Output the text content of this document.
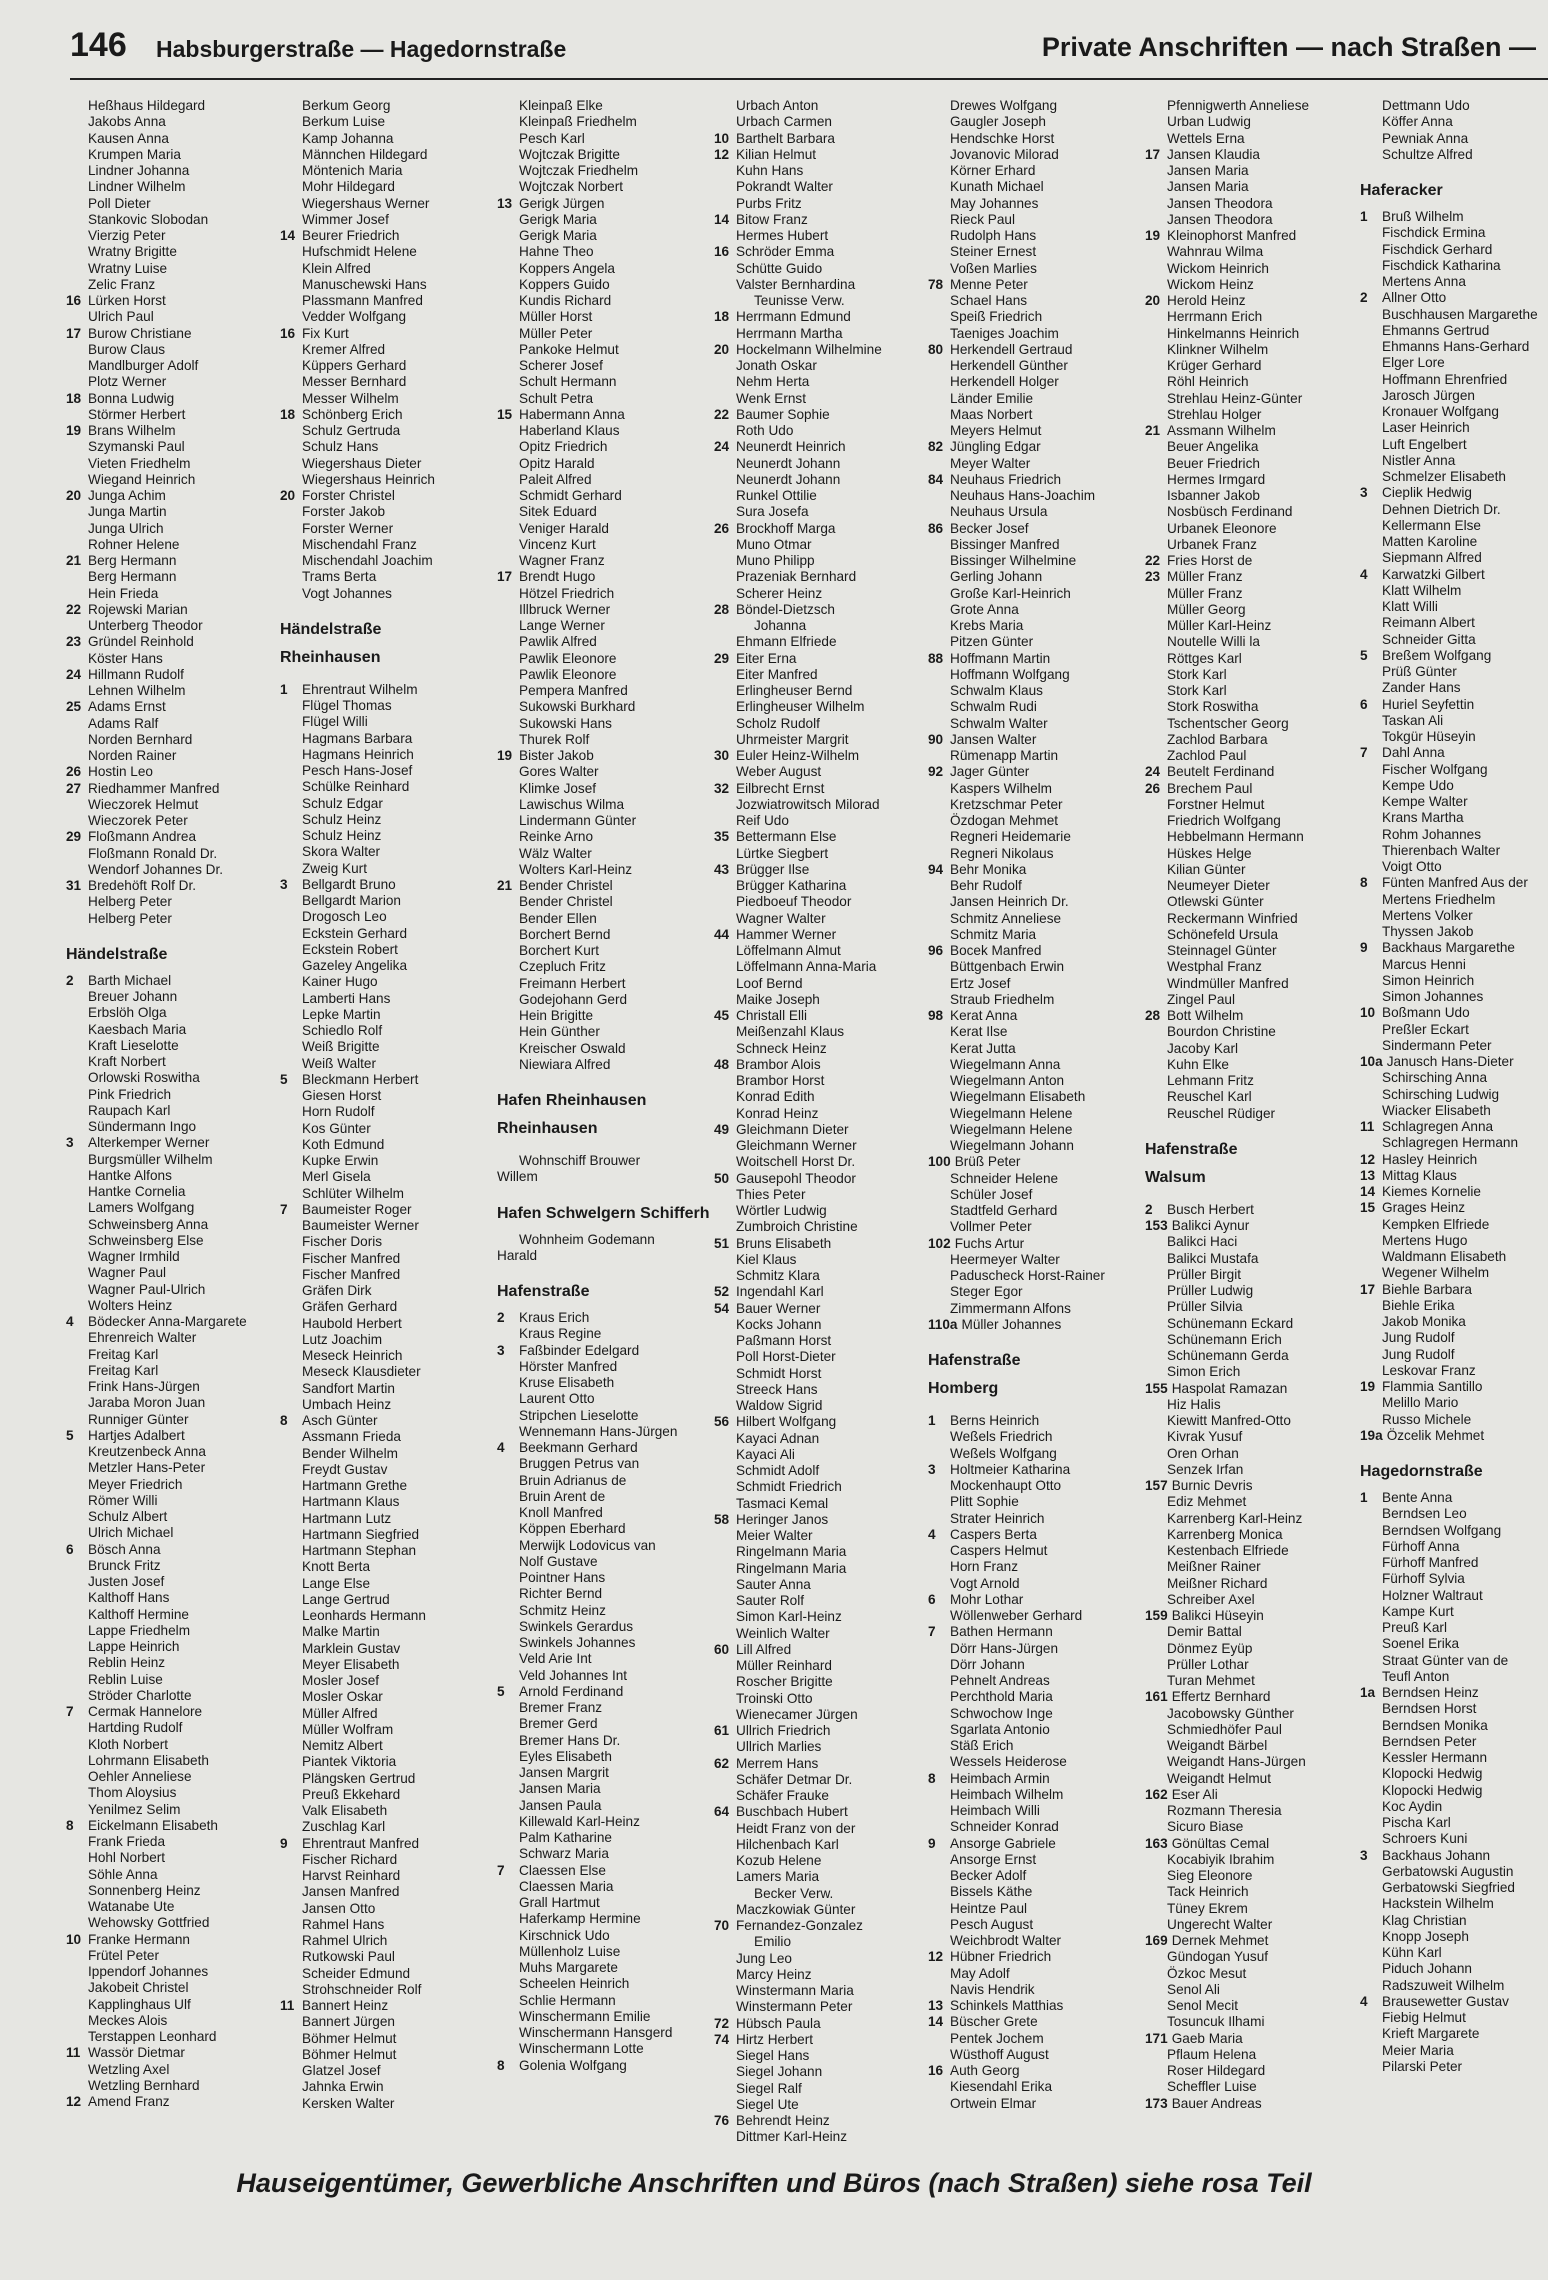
146 Habsburgerstraße — Hagedornstraße	Private Anschriften — nach Straßen —
Heßhaus Hildegard
Jakobs Anna
Kausen Anna
Krumpen Maria
Lindner Johanna
Lindner Wilhelm
Poll Dieter
Stankovic Slobodan
Vierzig Peter
Wratny Brigitte
Wratny Luise
Zelic Franz
16 Lürken Horst
Ulrich Paul
17 Burow Christiane
Burow Claus
Mandlburger Adolf
Plotz Werner
18 Bonna Ludwig
Störmer Herbert
19 Brans Wilhelm
Szymanski Paul
Vieten Friedhelm
Wiegand Heinrich
20 Junga Achim
Junga Martin
Junga Ulrich
Rohner Helene
21 Berg Hermann
Berg Hermann
Hein Frieda
22 Rojewski Marian
Unterberg Theodor
23 Gründel Reinhold
Köster Hans
24 Hillmann Rudolf
Lehnen Wilhelm
25 Adams Ernst
Adams Ralf
Norden Bernhard
Norden Rainer
26 Hostin Leo
27 Riedhammer Manfred
Wieczorek Helmut
Wieczorek Peter
29 Floßmann Andrea
Floßmann Ronald Dr.
Wendorf Johannes Dr.
31 Bredehöft Rolf Dr.
Helberg Peter
Helberg Peter
Händelstraße
2 Barth Michael
Breuer Johann
Erbslöh Olga
Kaesbach Maria
Kraft Lieselotte
Kraft Norbert
Orlowski Roswitha
Pink Friedrich
Raupach Karl
Sündermann Ingo
3 Alterkemper Werner
Burgsmüller Wilhelm
Hantke Alfons
Hantke Cornelia
Lamers Wolfgang
Schweinsberg Anna
Schweinsberg Else
Wagner Irmhild
Wagner Paul
Wagner Paul-Ulrich
Wolters Heinz
4 Bödecker Anna-Margarete
Ehrenreich Walter
Freitag Karl
Freitag Karl
Frink Hans-Jürgen
Jaraba Moron Juan
Runniger Günter
5 Hartjes Adalbert
Kreutzenbeck Anna
Metzler Hans-Peter
Meyer Friedrich
Römer Willi
Schulz Albert
Ulrich Michael
6 Bösch Anna
Brunck Fritz
Justen Josef
Kalthoff Hans
Kalthoff Hermine
Lappe Friedhelm
Lappe Heinrich
Reblin Heinz
Reblin Luise
Ströder Charlotte
7 Cermak Hannelore
Hartding Rudolf
Kloth Norbert
Lohrmann Elisabeth
Oehler Anneliese
Thom Aloysius
Yenilmez Selim
8 Eickelmann Elisabeth
Frank Frieda
Hohl Norbert
Söhle Anna
Sonnenberg Heinz
Watanabe Ute
Wehowsky Gottfried
10 Franke Hermann
Frütel Peter
Ippendorf Johannes
Jakobeit Christel
Kapplinghaus Ulf
Meckes Alois
Terstappen Leonhard
11 Wassör Dietmar
Wetzling Axel
Wetzling Bernhard
12 Amend Franz
Berkum Georg
Berkum Luise
Kamp Johanna
Männchen Hildegard
Möntenich Maria
Mohr Hildegard
Wiegershaus Werner
Wimmer Josef
14 Beurer Friedrich
Hufschmidt Helene
Klein Alfred
Manuschewski Hans
Plassmann Manfred
Vedder Wolfgang
16 Fix Kurt
Kremer Alfred
Küppers Gerhard
Messer Bernhard
Messer Wilhelm
18 Schönberg Erich
Schulz Gertruda
Schulz Hans
Wiegershaus Dieter
Wiegershaus Heinrich
20 Forster Christel
Forster Jakob
Forster Werner
Mischendahl Franz
Mischendahl Joachim
Trams Berta
Vogt Johannes
Händelstraße
Rheinhausen
1 Ehrentraut Wilhelm
Flügel Thomas
Flügel Willi
Hagmans Barbara
Hagmans Heinrich
Pesch Hans-Josef
Schülke Reinhard
Schulz Edgar
Schulz Heinz
Schulz Heinz
Skora Walter
Zweig Kurt
3 Bellgardt Bruno
Bellgardt Marion
Drogosch Leo
Eckstein Gerhard
Eckstein Robert
Gazeley Angelika
Kainer Hugo
Lamberti Hans
Lepke Martin
Schiedlo Rolf
Weiß Brigitte
Weiß Walter
5 Bleckmann Herbert
Giesen Horst
Horn Rudolf
Kos Günter
Koth Edmund
Kupke Erwin
Merl Gisela
Schlüter Wilhelm
7 Baumeister Roger
Baumeister Werner
Fischer Doris
Fischer Manfred
Fischer Manfred
Gräfen Dirk
Gräfen Gerhard
Haubold Herbert
Lutz Joachim
Meseck Heinrich
Meseck Klausdieter
Sandfort Martin
Umbach Heinz
8 Asch Günter
Assmann Frieda
Bender Wilhelm
Freydt Gustav
Hartmann Grethe
Hartmann Klaus
Hartmann Lutz
Hartmann Siegfried
Hartmann Stephan
Knott Berta
Lange Else
Lange Gertrud
Leonhards Hermann
Malke Martin
Marklein Gustav
Meyer Elisabeth
Mosler Josef
Mosler Oskar
Müller Alfred
Müller Wolfram
Nemitz Albert
Piantek Viktoria
Plängsken Gertrud
Preuß Ekkehard
Valk Elisabeth
Zuschlag Karl
9 Ehrentraut Manfred
Fischer Richard
Harvst Reinhard
Jansen Manfred
Jansen Otto
Rahmel Hans
Rahmel Ulrich
Rutkowski Paul
Scheider Edmund
Strohschneider Rolf
11 Bannert Heinz
Bannert Jürgen
Böhmer Helmut
Böhmer Helmut
Glatzel Josef
Jahnka Erwin
Kersken Walter
Kleinpaß Elke
Kleinpaß Friedhelm
Pesch Karl
Wojtczak Brigitte
Wojtczak Friedhelm
Wojtczak Norbert
13 Gerigk Jürgen
Gerigk Maria
Gerigk Maria
Hahne Theo
Koppers Angela
Koppers Guido
Kundis Richard
Müller Horst
Müller Peter
Pankoke Helmut
Scherer Josef
Schult Hermann
Schult Petra
15 Habermann Anna
Haberland Klaus
Opitz Friedrich
Opitz Harald
Paleit Alfred
Schmidt Gerhard
Sitek Eduard
Veniger Harald
Vincenz Kurt
Wagner Franz
17 Brendt Hugo
Hötzel Friedrich
Illbruck Werner
Lange Werner
Pawlik Alfred
Pawlik Eleonore
Pawlik Eleonore
Pempera Manfred
Sukowski Burkhard
Sukowski Hans
Thurek Rolf
19 Bister Jakob
Gores Walter
Klimke Josef
Lawischus Wilma
Lindermann Günter
Reinke Arno
Wälz Walter
Wolters Karl-Heinz
21 Bender Christel
Bender Christel
Bender Ellen
Borchert Bernd
Borchert Kurt
Czepluch Fritz
Freimann Herbert
Godejohann Gerd
Hein Brigitte
Hein Günther
Kreischer Oswald
Niewiara Alfred
Hafen Rheinhausen
Rheinhausen
Wohnschiff Brouwer Willem
Hafen Schwelgern Schifferh
Wohnheim Godemann Harald
Hafenstraße
2 Kraus Erich
Kraus Regine
3 Faßbinder Edelgard
Hörster Manfred
Kruse Elisabeth
Laurent Otto
Stripchen Lieselotte
Wennemann Hans-Jürgen
4 Beekmann Gerhard
Bruggen Petrus van
Bruin Adrianus de
Bruin Arent de
Knoll Manfred
Köppen Eberhard
Merwijk Lodovicus van
Nolf Gustave
Pointner Hans
Richter Bernd
Schmitz Heinz
Swinkels Gerardus
Swinkels Johannes
Veld Arie Int
Veld Johannes Int
5 Arnold Ferdinand
Bremer Franz
Bremer Gerd
Bremer Hans Dr.
Eyles Elisabeth
Jansen Margrit
Jansen Maria
Jansen Paula
Killewald Karl-Heinz
Palm Katharine
Schwarz Maria
7 Claessen Else
Claessen Maria
Grall Hartmut
Haferkamp Hermine
Kirschnick Udo
Müllenholz Luise
Muhs Margarete
Scheelen Heinrich
Schlie Hermann
Winschermann Emilie
Winschermann Hansgerd
Winschermann Lotte
8 Golenia Wolfgang
Urbach Anton
Urbach Carmen
10 Barthelt Barbara
12 Kilian Helmut
Kuhn Hans
Pokrandt Walter
Purbs Fritz
14 Bitow Franz
Hermes Hubert
16 Schröder Emma
Schütte Guido
Valster Bernhardina
Teunisse Verw.
18 Herrmann Edmund
Herrmann Martha
20 Hockelmann Wilhelmine
Jonath Oskar
Nehm Herta
Wenk Ernst
22 Baumer Sophie
Roth Udo
24 Neunerdt Heinrich
Neunerdt Johann
Neunerdt Johann
Runkel Ottilie
Sura Josefa
26 Brockhoff Marga
Muno Otmar
Muno Philipp
Prazeniak Bernhard
Scherer Heinz
28 Böndel-Dietzsch
Johanna
Ehmann Elfriede
29 Eiter Erna
Eiter Manfred
Erlingheuser Bernd
Erlingheuser Wilhelm
Scholz Rudolf
Uhrmeister Margrit
30 Euler Heinz-Wilhelm
Weber August
32 Eilbrecht Ernst
Jozwiatrowitsch Milorad
Reif Udo
35 Bettermann Else
Lürtke Siegbert
43 Brügger Ilse
Brügger Katharina
Piedboeuf Theodor
Wagner Walter
44 Hammer Werner
Löffelmann Almut
Löffelmann Anna-Maria
Loof Bernd
Maike Joseph
45 Christall Elli
Meißenzahl Klaus
Schneck Heinz
48 Brambor Alois
Brambor Horst
Konrad Edith
Konrad Heinz
49 Gleichmann Dieter
Gleichmann Werner
Woitschell Horst Dr.
50 Gausepohl Theodor
Thies Peter
Wörtler Ludwig
Zumbroich Christine
51 Bruns Elisabeth
Kiel Klaus
Schmitz Klara
52 Ingendahl Karl
54 Bauer Werner
Kocks Johann
Paßmann Horst
Poll Horst-Dieter
Schmidt Horst
Streeck Hans
Waldow Sigrid
56 Hilbert Wolfgang
Kayaci Adnan
Kayaci Ali
Schmidt Adolf
Schmidt Friedrich
Tasmaci Kemal
58 Heringer Janos
Meier Walter
Ringelmann Maria
Ringelmann Maria
Sauter Anna
Sauter Rolf
Simon Karl-Heinz
Weinlich Walter
60 Lill Alfred
Müller Reinhard
Roscher Brigitte
Troinski Otto
Wienecamer Jürgen
61 Ullrich Friedrich
Ullrich Marlies
62 Merrem Hans
Schäfer Detmar Dr.
Schäfer Frauke
64 Buschbach Hubert
Heidt Franz von der
Hilchenbach Karl
Kozub Helene
Lamers Maria
Becker Verw.
Maczkowiak Günter
70 Fernandez-Gonzalez
Emilio
Jung Leo
Marcy Heinz
Winstermann Maria
Winstermann Peter
72 Hübsch Paula
74 Hirtz Herbert
Siegel Hans
Siegel Johann
Siegel Ralf
Siegel Ute
76 Behrendt Heinz
Dittmer Karl-Heinz
Drewes Wolfgang
Gaugler Joseph
Hendschke Horst
Jovanovic Milorad
Körner Erhard
Kunath Michael
May Johannes
Rieck Paul
Rudolph Hans
Steiner Ernest
Voßen Marlies
78 Menne Peter
Schael Hans
Speiß Friedrich
Taeniges Joachim
80 Herkendell Gertraud
Herkendell Günther
Herkendell Holger
Länder Emilie
Maas Norbert
Meyers Helmut
82 Jüngling Edgar
Meyer Walter
84 Neuhaus Friedrich
Neuhaus Hans-Joachim
Neuhaus Ursula
86 Becker Josef
Bissinger Manfred
Bissinger Wilhelmine
Gerling Johann
Große Karl-Heinrich
Grote Anna
Krebs Maria
Pitzen Günter
88 Hoffmann Martin
Hoffmann Wolfgang
Schwalm Klaus
Schwalm Rudi
Schwalm Walter
90 Jansen Walter
Rümenapp Martin
92 Jager Günter
Kaspers Wilhelm
Kretzschmar Peter
Özdogan Mehmet
Regneri Heidemarie
Regneri Nikolaus
94 Behr Monika
Behr Rudolf
Jansen Heinrich Dr.
Schmitz Anneliese
Schmitz Maria
96 Bocek Manfred
Büttgenbach Erwin
Ertz Josef
Straub Friedhelm
98 Kerat Anna
Kerat Ilse
Kerat Jutta
Wiegelmann Anna
Wiegelmann Anton
Wiegelmann Elisabeth
Wiegelmann Helene
Wiegelmann Helene
Wiegelmann Johann
100 Brüß Peter
Schneider Helene
Schüler Josef
Stadtfeld Gerhard
Vollmer Peter
102 Fuchs Artur
Heermeyer Walter
Paduscheck Horst-Rainer
Steger Egor
Zimmermann Alfons
110a Müller Johannes
Hafenstraße
Homberg
1 Berns Heinrich
Weßels Friedrich
Weßels Wolfgang
3 Holtmeier Katharina
Mockenhaupt Otto
Plitt Sophie
Strater Heinrich
4 Caspers Berta
Caspers Helmut
Horn Franz
Vogt Arnold
6 Mohr Lothar
Wöllenweber Gerhard
7 Bathen Hermann
Dörr Hans-Jürgen
Dörr Johann
Pehnelt Andreas
Perchthold Maria
Schwochow Inge
Sgarlata Antonio
Stäß Erich
Wessels Heiderose
8 Heimbach Armin
Heimbach Wilhelm
Heimbach Willi
Schneider Konrad
9 Ansorge Gabriele
Ansorge Ernst
Becker Adolf
Bissels Käthe
Heintze Paul
Pesch August
Weichbrodt Walter
12 Hübner Friedrich
May Adolf
Navis Hendrik
13 Schinkels Matthias
14 Büscher Grete
Pentek Jochem
Wüsthoff August
16 Auth Georg
Kiesendahl Erika
Ortwein Elmar
Pfennigwerth Anneliese
Urban Ludwig
Wettels Erna
17 Jansen Klaudia
Jansen Maria
Jansen Maria
Jansen Theodora
Jansen Theodora
19 Kleinophorst Manfred
Wahnrau Wilma
Wickom Heinrich
Wickom Heinz
20 Herold Heinz
Herrmann Erich
Hinkelmanns Heinrich
Klinkner Wilhelm
Krüger Gerhard
Röhl Heinrich
Strehlau Heinz-Günter
Strehlau Holger
21 Assmann Wilhelm
Beuer Angelika
Beuer Friedrich
Hermes Irmgard
Isbanner Jakob
Nosbüsch Ferdinand
Urbanek Eleonore
Urbanek Franz
22 Fries Horst de
23 Müller Franz
Müller Franz
Müller Georg
Müller Karl-Heinz
Noutelle Willi la
Röttges Karl
Stork Karl
Stork Karl
Stork Roswitha
Tschentscher Georg
Zachlod Barbara
Zachlod Paul
24 Beutelt Ferdinand
26 Brechem Paul
Forstner Helmut
Friedrich Wolfgang
Hebbelmann Hermann
Hüskes Helge
Kilian Günter
Neumeyer Dieter
Otlewski Günter
Reckermann Winfried
Schönefeld Ursula
Steinnagel Günter
Westphal Franz
Windmüller Manfred
Zingel Paul
28 Bott Wilhelm
Bourdon Christine
Jacoby Karl
Kuhn Elke
Lehmann Fritz
Reuschel Karl
Reuschel Rüdiger
Hafenstraße
Walsum
2 Busch Herbert
153 Balikci Aynur
Balikci Haci
Balikci Mustafa
Prüller Birgit
Prüller Ludwig
Prüller Silvia
Schünemann Eckard
Schünemann Erich
Schünemann Gerda
Simon Erich
155 Haspolat Ramazan
Hiz Halis
Kiewitt Manfred-Otto
Kivrak Yusuf
Oren Orhan
Senzek Irfan
157 Burnic Devris
Ediz Mehmet
Karrenberg Karl-Heinz
Karrenberg Monica
Kestenbach Elfriede
Meißner Rainer
Meißner Richard
Schreiber Axel
159 Balikci Hüseyin
Demir Battal
Dönmez Eyüp
Prüller Lothar
Turan Mehmet
161 Effertz Bernhard
Jacobowsky Günther
Schmiedhöfer Paul
Weigandt Bärbel
Weigandt Hans-Jürgen
Weigandt Helmut
162 Eser Ali
Rozmann Theresia
Sicuro Biase
163 Gönültas Cemal
Kocabiyik Ibrahim
Sieg Eleonore
Tack Heinrich
Tüney Ekrem
Ungerecht Walter
169 Dernek Mehmet
Gündogan Yusuf
Özkoc Mesut
Senol Ali
Senol Mecit
Tosuncuk Ilhami
171 Gaeb Maria
Pflaum Helena
Roser Hildegard
Scheffler Luise
173 Bauer Andreas
Dettmann Udo
Köffer Anna
Pewniak Anna
Schultze Alfred
Haferacker
1 Bruß Wilhelm
Fischdick Ermina
Fischdick Gerhard
Fischdick Katharina
Mertens Anna
2 Allner Otto
Buschhausen Margarethe
Ehmanns Gertrud
Ehmanns Hans-Gerhard
Elger Lore
Hoffmann Ehrenfried
Jarosch Jürgen
Kronauer Wolfgang
Laser Heinrich
Luft Engelbert
Nistler Anna
Schmelzer Elisabeth
3 Cieplik Hedwig
Dehnen Dietrich Dr.
Kellermann Else
Matten Karoline
Siepmann Alfred
4 Karwatzki Gilbert
Klatt Wilhelm
Klatt Willi
Reimann Albert
Schneider Gitta
5 Breßem Wolfgang
Prüß Günter
Zander Hans
6 Huriel Seyfettin
Taskan Ali
Tokgür Hüseyin
7 Dahl Anna
Fischer Wolfgang
Kempe Udo
Kempe Walter
Krans Martha
Rohm Johannes
Thierenbach Walter
Voigt Otto
8 Fünten Manfred Aus der
Mertens Friedhelm
Mertens Volker
Thyssen Jakob
9 Backhaus Margarethe
Marcus Henni
Simon Heinrich
Simon Johannes
10 Boßmann Udo
Preßler Eckart
Sindermann Peter
10a Janusch Hans-Dieter
Schirsching Anna
Schirsching Ludwig
Wiacker Elisabeth
11 Schlagregen Anna
Schlagregen Hermann
12 Hasley Heinrich
13 Mittag Klaus
14 Kiemes Kornelie
15 Grages Heinz
Kempken Elfriede
Mertens Hugo
Waldmann Elisabeth
Wegener Wilhelm
17 Biehle Barbara
Biehle Erika
Jakob Monika
Jung Rudolf
Jung Rudolf
Leskovar Franz
19 Flammia Santillo
Melillo Mario
Russo Michele
19a Özcelik Mehmet
Hagedornstraße
1 Bente Anna
Berndsen Leo
Berndsen Wolfgang
Fürhoff Anna
Fürhoff Manfred
Fürhoff Sylvia
Holzner Waltraut
Kampe Kurt
Preuß Karl
Soenel Erika
Straat Günter van de
Teufl Anton
1a Berndsen Heinz
Berndsen Horst
Berndsen Monika
Berndsen Peter
Kessler Hermann
Klopocki Hedwig
Klopocki Hedwig
Koc Aydin
Pischa Karl
Schroers Kuni
3 Backhaus Johann
Gerbatowski Augustin
Gerbatowski Siegfried
Hackstein Wilhelm
Klag Christian
Knopp Joseph
Kühn Karl
Piduch Johann
Radszuweit Wilhelm
4 Brausewetter Gustav
Fiebig Helmut
Krieft Margarete
Meier Maria
Pilarski Peter
Hauseigentümer, Gewerbliche Anschriften und Büros (nach Straßen) siehe rosa Teil
